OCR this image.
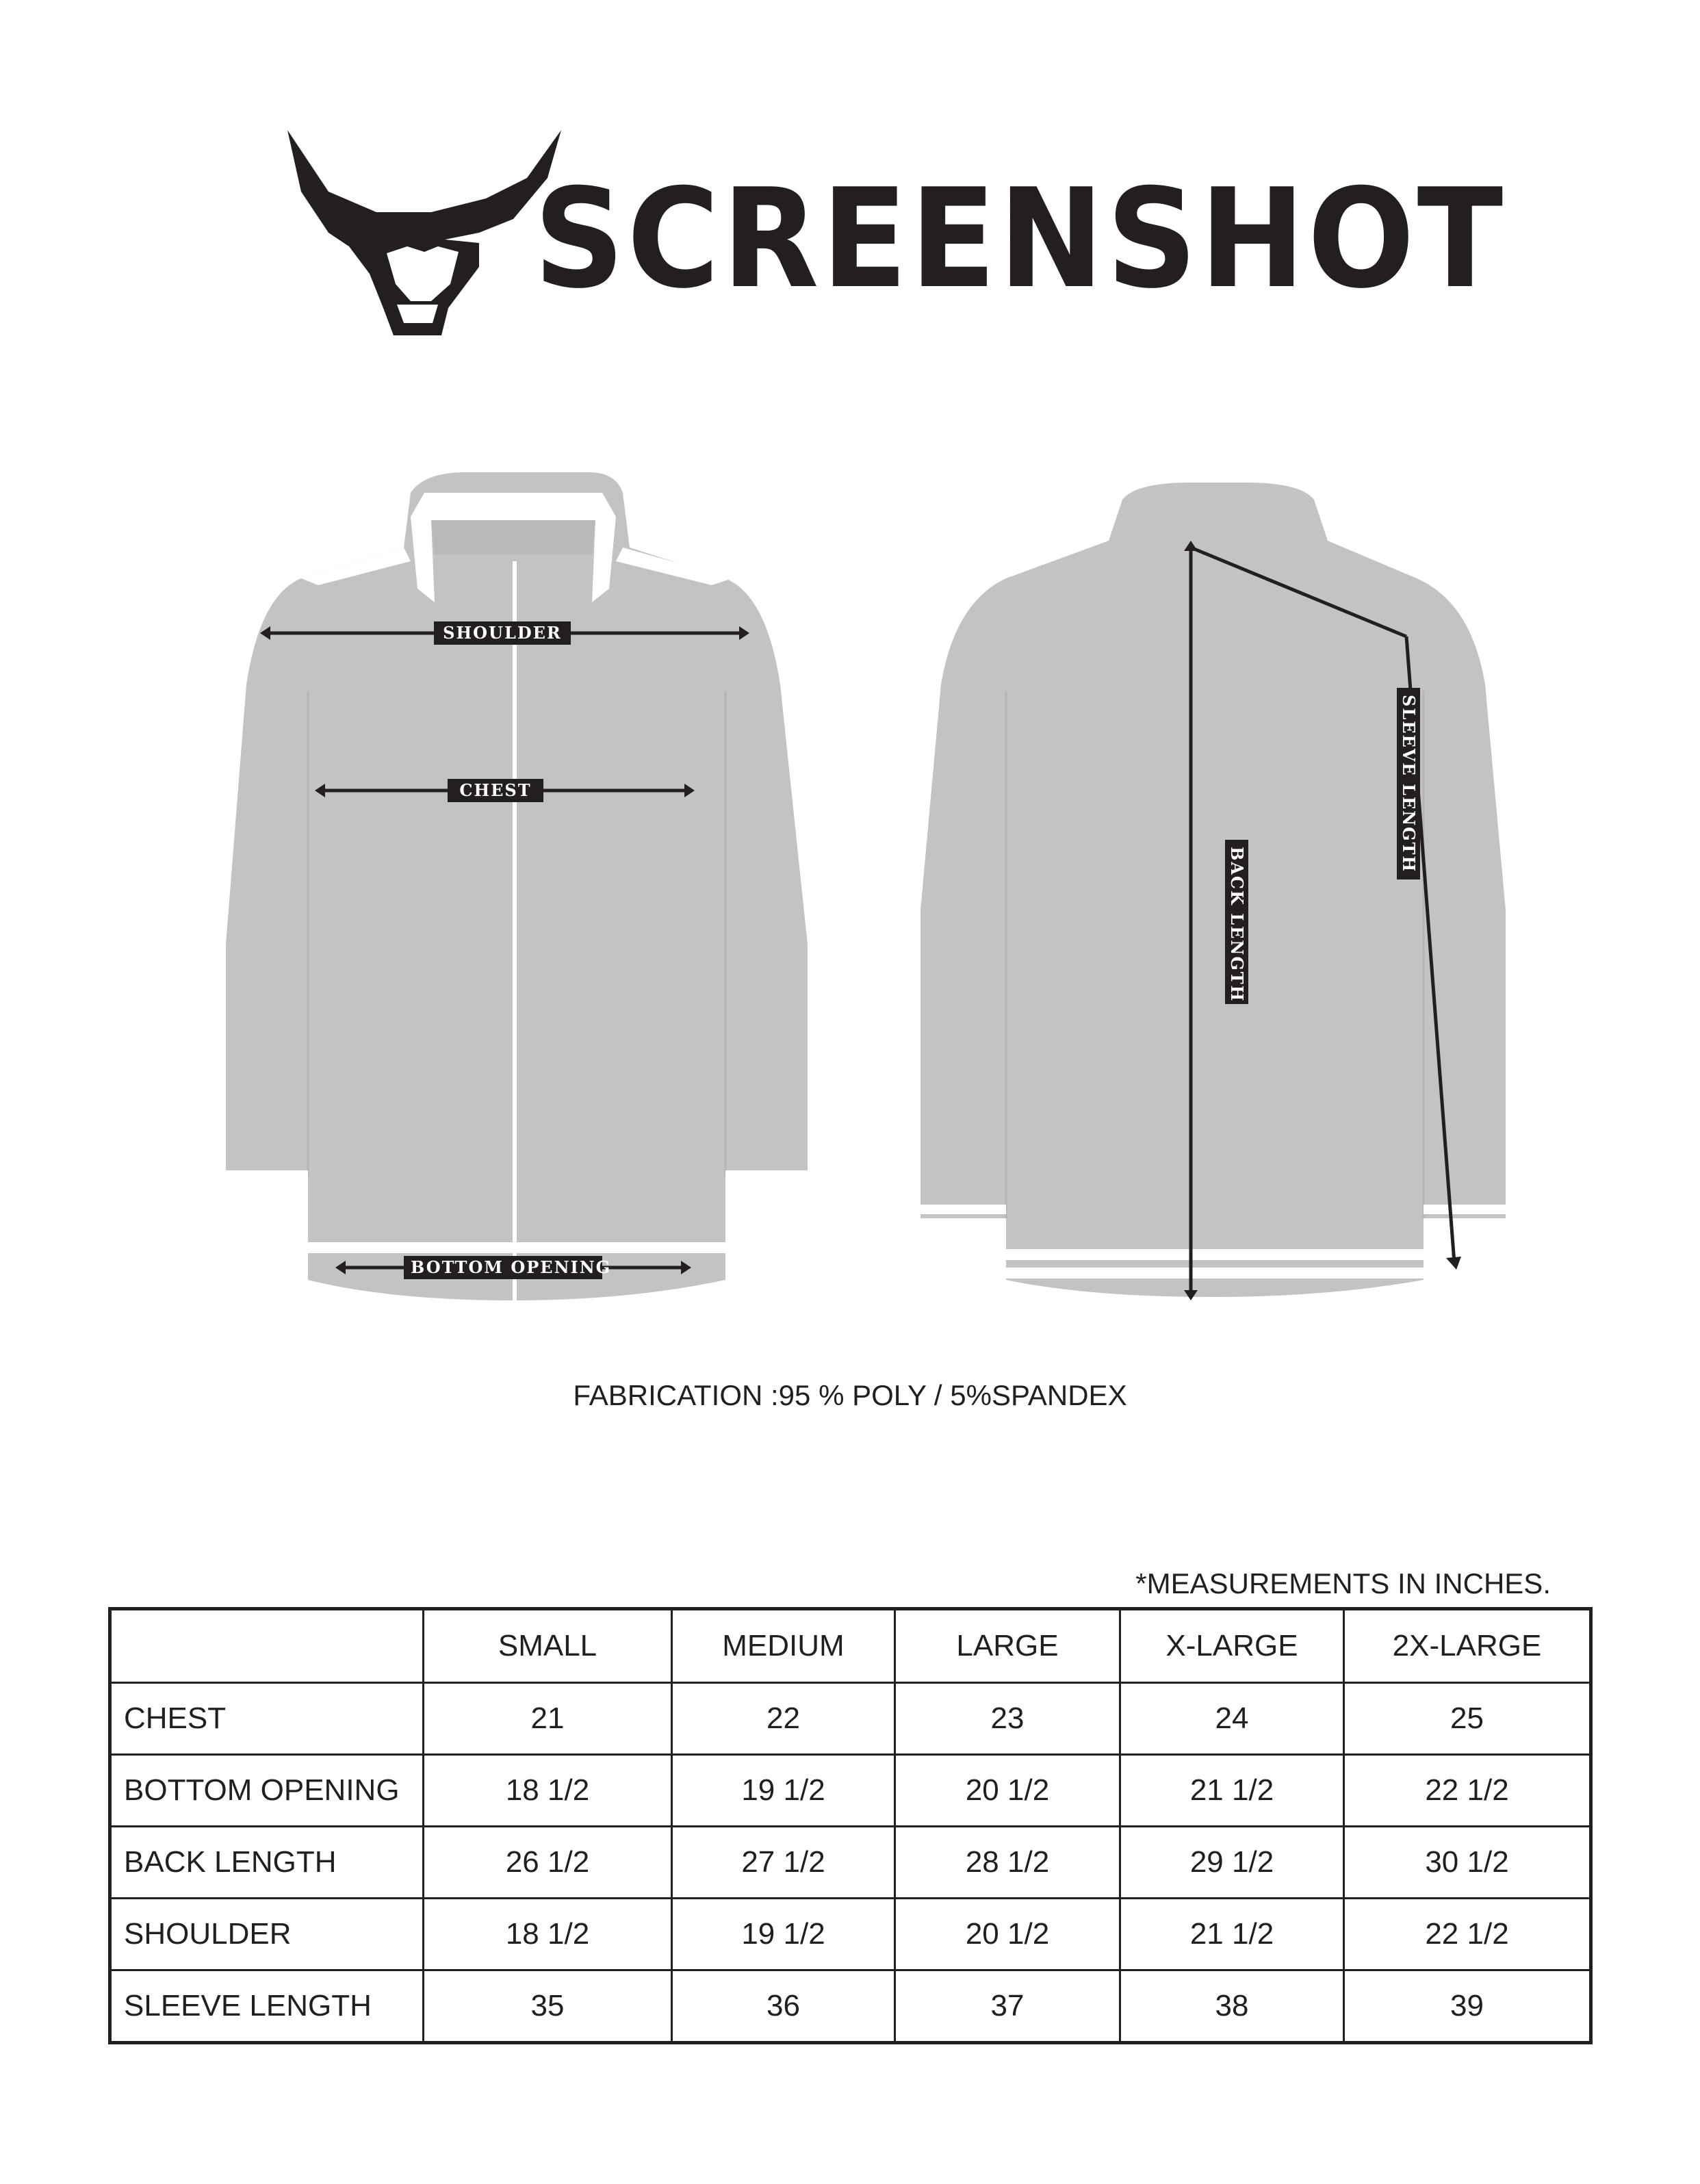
SCREENSHOT
SHOULDER
CHEST
BOTTOM OPENING
BACK LENGTH
SLEEVE LENGTH
FABRICATION :95 % POLY / 5%SPANDEX
*MEASUREMENTS IN INCHES.
	SMALL	MEDIUM	LARGE	X-LARGE	2X-LARGE
CHEST	21	22	23	24	25
BOTTOM OPENING	18 1/2	19 1/2	20 1/2	21 1/2	22 1/2
BACK LENGTH	26 1/2	27 1/2	28 1/2	29 1/2	30 1/2
SHOULDER	18 1/2	19 1/2	20 1/2	21 1/2	22 1/2
SLEEVE LENGTH	35	36	37	38	39
